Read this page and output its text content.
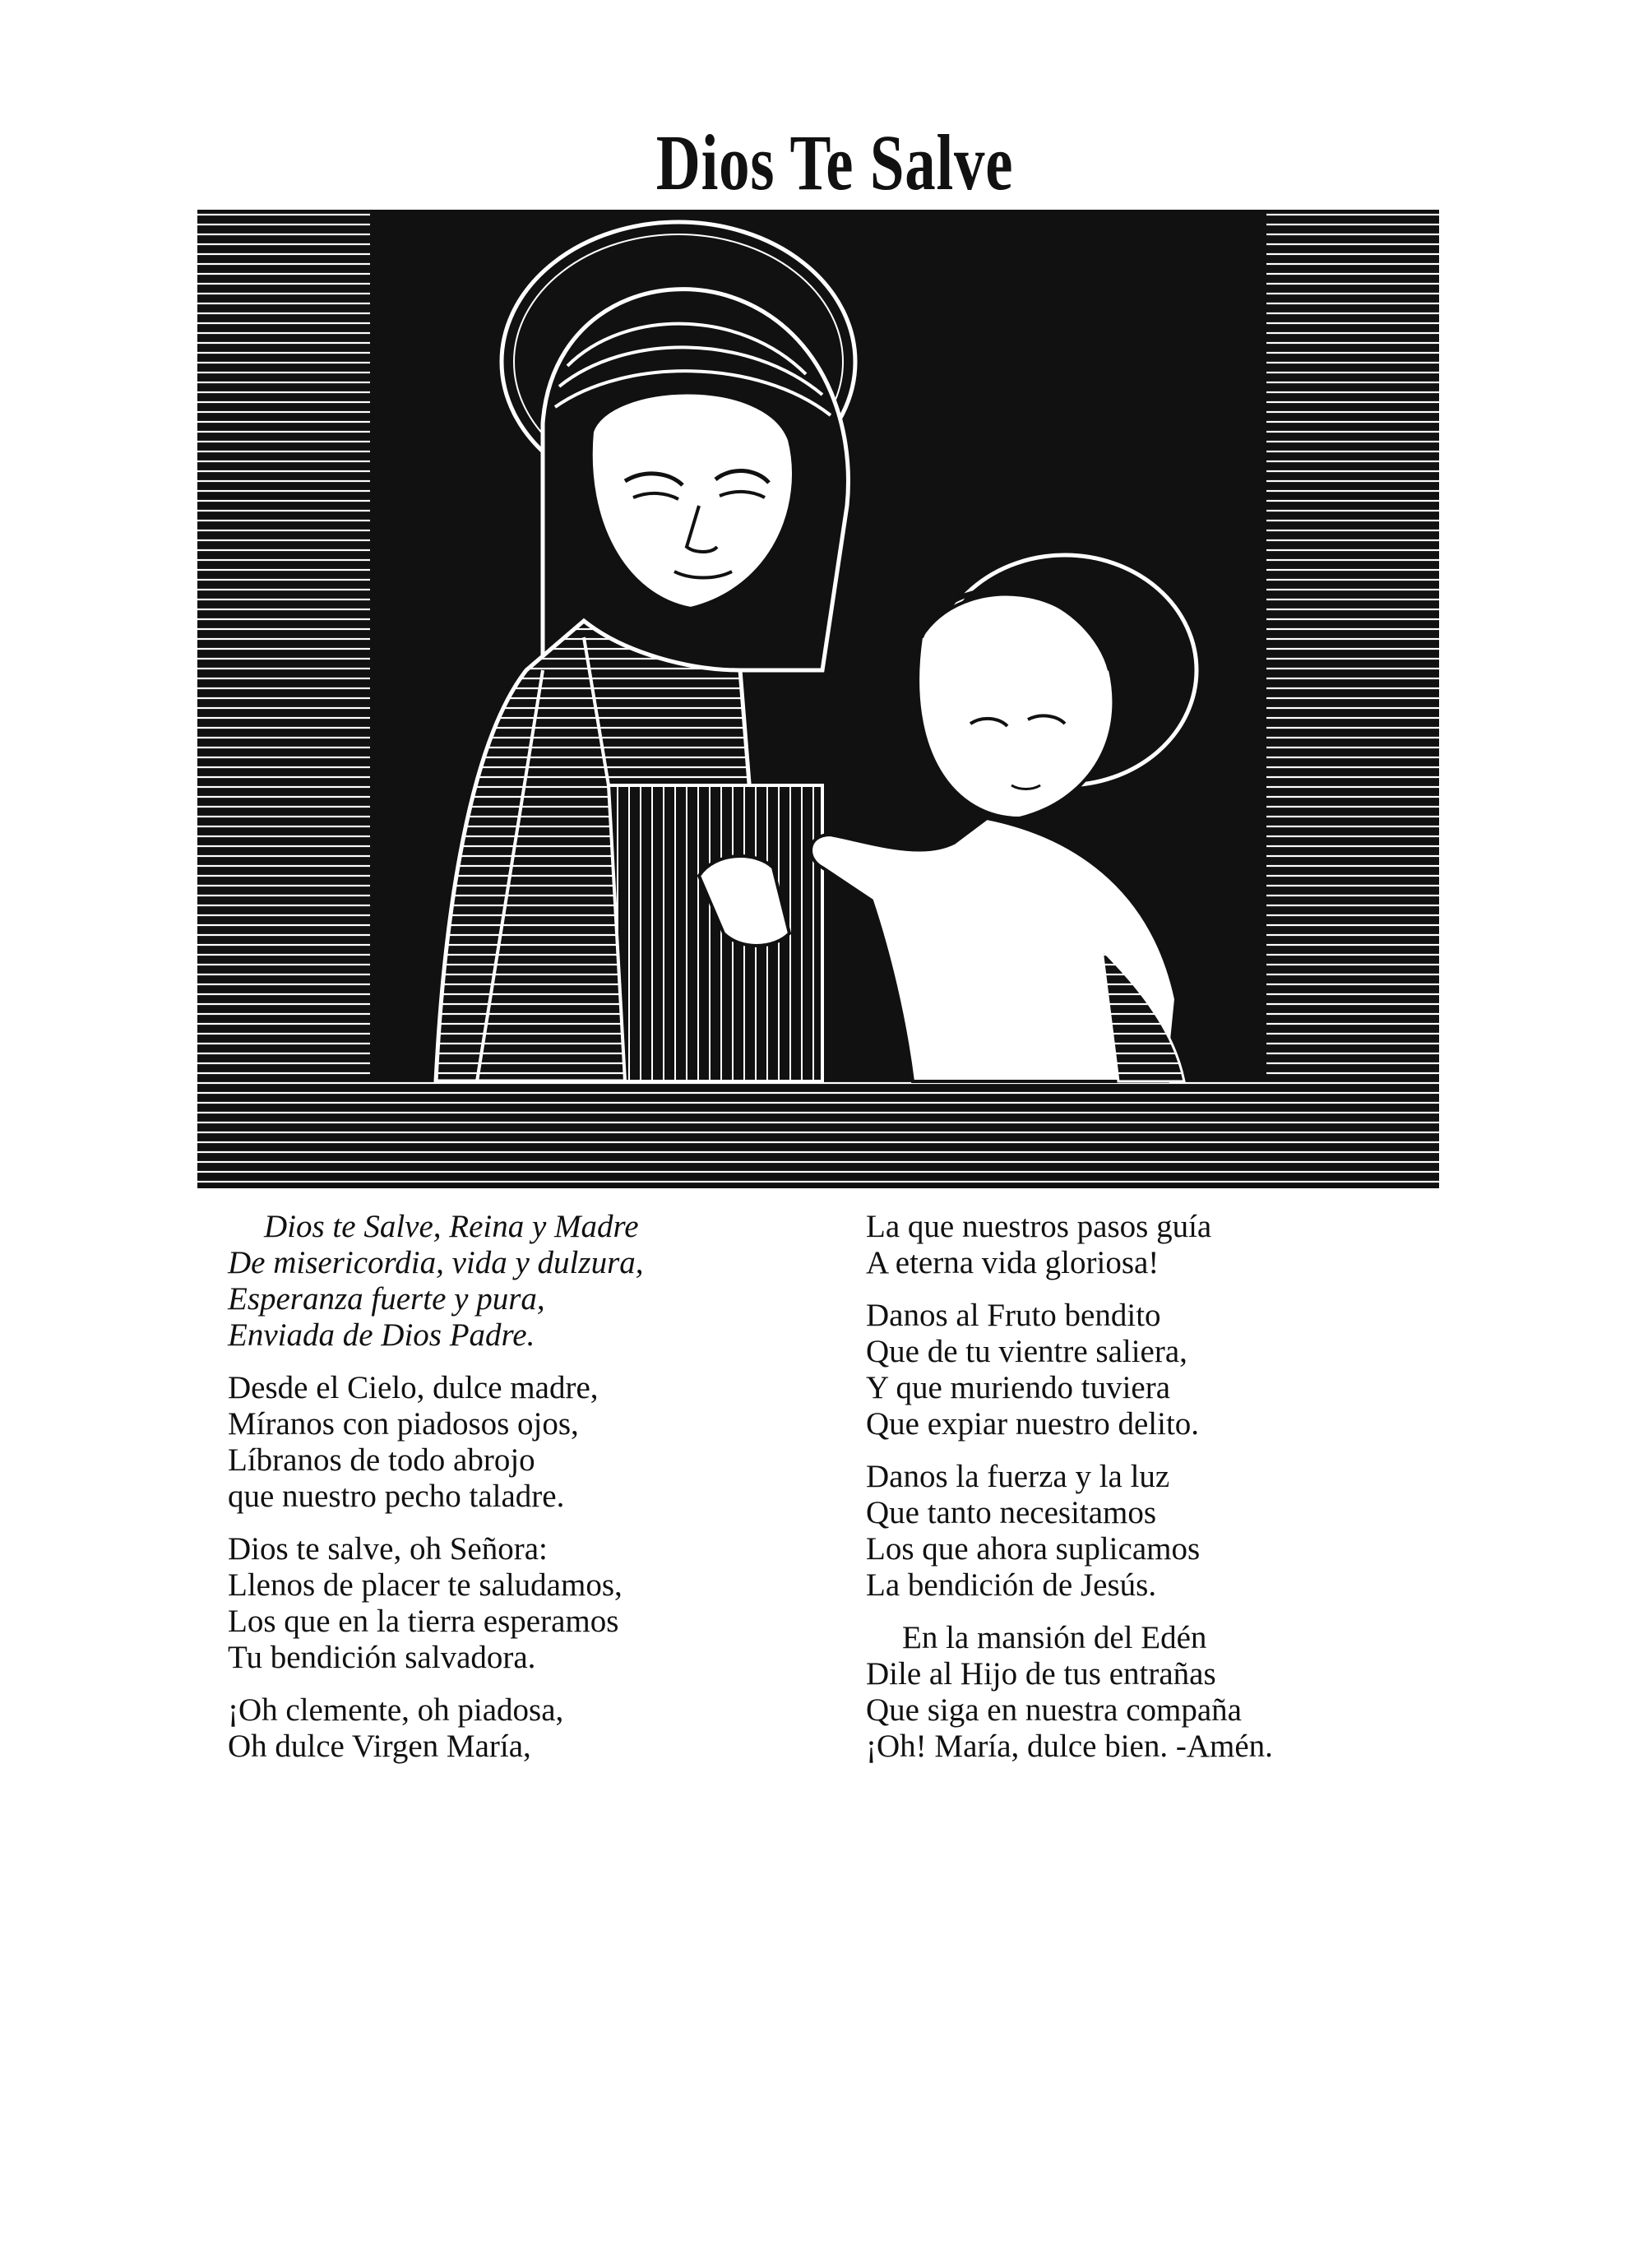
Dios Te Salve
Dios te Salve, Reina y Madre
De misericordia, vida y dulzura,
Esperanza fuerte y pura,
Enviada de Dios Padre.
Desde el Cielo, dulce madre,
Míranos con piadosos ojos,
Líbranos de todo abrojo
que nuestro pecho taladre.
Dios te salve, oh Señora:
Llenos de placer te saludamos,
Los que en la tierra esperamos
Tu bendición salvadora.
¡Oh clemente, oh piadosa,
Oh dulce Virgen María,
La que nuestros pasos guía
A eterna vida gloriosa!
Danos al Fruto bendito
Que de tu vientre saliera,
Y que muriendo tuviera
Que expiar nuestro delito.
Danos la fuerza y la luz
Que tanto necesitamos
Los que ahora suplicamos
La bendición de Jesús.
En la mansión del Edén
Dile al Hijo de tus entrañas
Que siga en nuestra compaña
¡Oh! María, dulce bien. -Amén.
